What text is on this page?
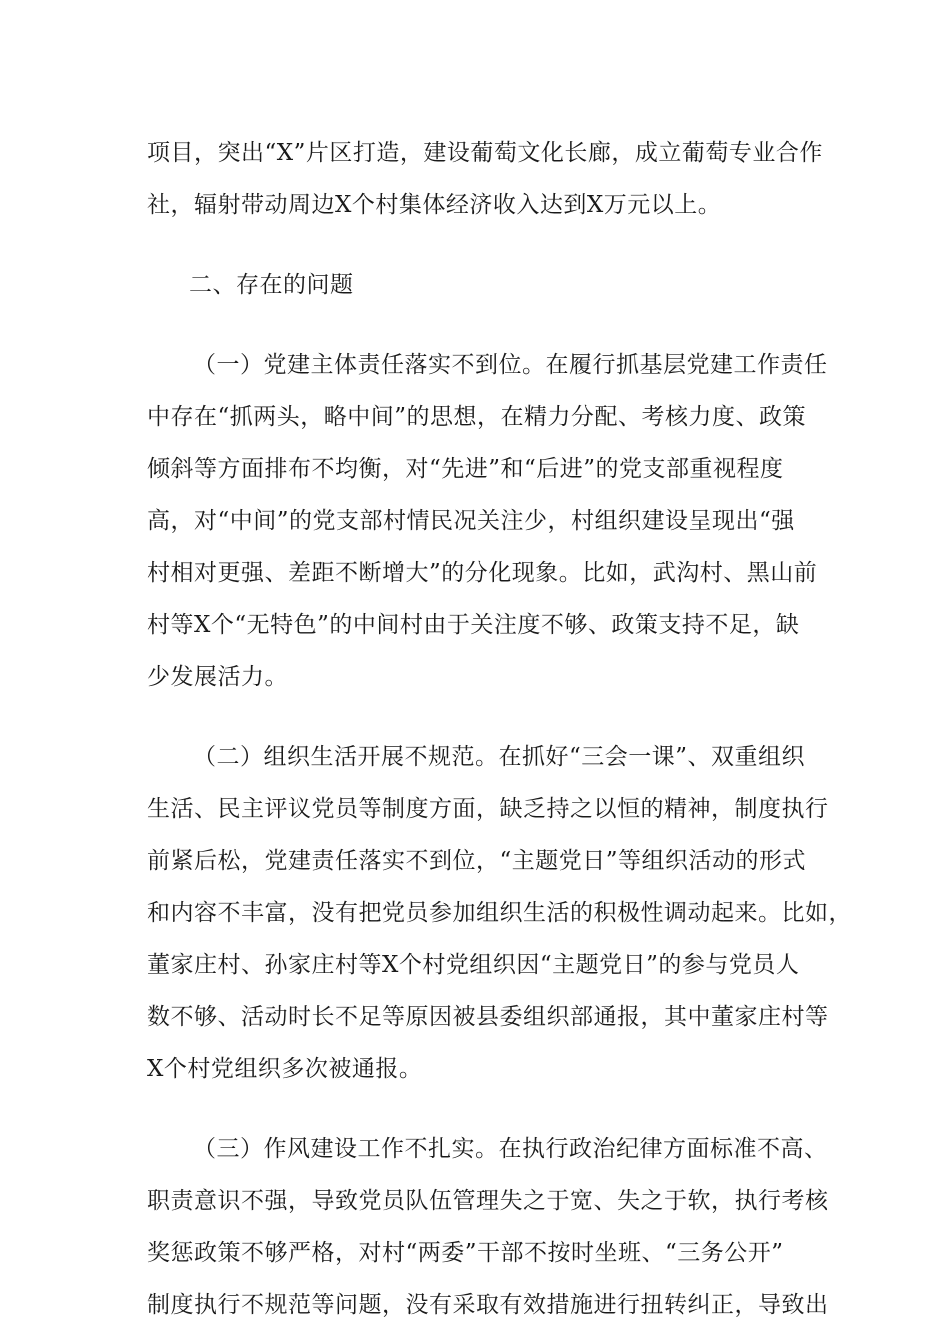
项目，突出“X”片区打造，建设葡萄文化长廊，成立葡萄专业合作
社，辐射带动周边X个村集体经济收入达到X万元以上。
二、存在的问题
（一）党建主体责任落实不到位。在履行抓基层党建工作责任
中存在“抓两头，略中间”的思想，在精力分配、考核力度、政策
倾斜等方面排布不均衡，对“先进”和“后进”的党支部重视程度
高，对“中间”的党支部村情民况关注少，村组织建设呈现出“强
村相对更强、差距不断增大”的分化现象。比如，武沟村、黑山前
村等X个“无特色”的中间村由于关注度不够、政策支持不足，缺
少发展活力。
（二）组织生活开展不规范。在抓好“三会一课”、双重组织
生活、民主评议党员等制度方面，缺乏持之以恒的精神，制度执行
前紧后松，党建责任落实不到位，“主题党日”等组织活动的形式
和内容不丰富，没有把党员参加组织生活的积极性调动起来。比如，
董家庄村、孙家庄村等X个村党组织因“主题党日”的参与党员人
数不够、活动时长不足等原因被县委组织部通报，其中董家庄村等
X个村党组织多次被通报。
（三）作风建设工作不扎实。在执行政治纪律方面标准不高、
职责意识不强，导致党员队伍管理失之于宽、失之于软，执行考核
奖惩政策不够严格，对村“两委”干部不按时坐班、“三务公开”
制度执行不规范等问题，没有采取有效措施进行扭转纠正，导致出
